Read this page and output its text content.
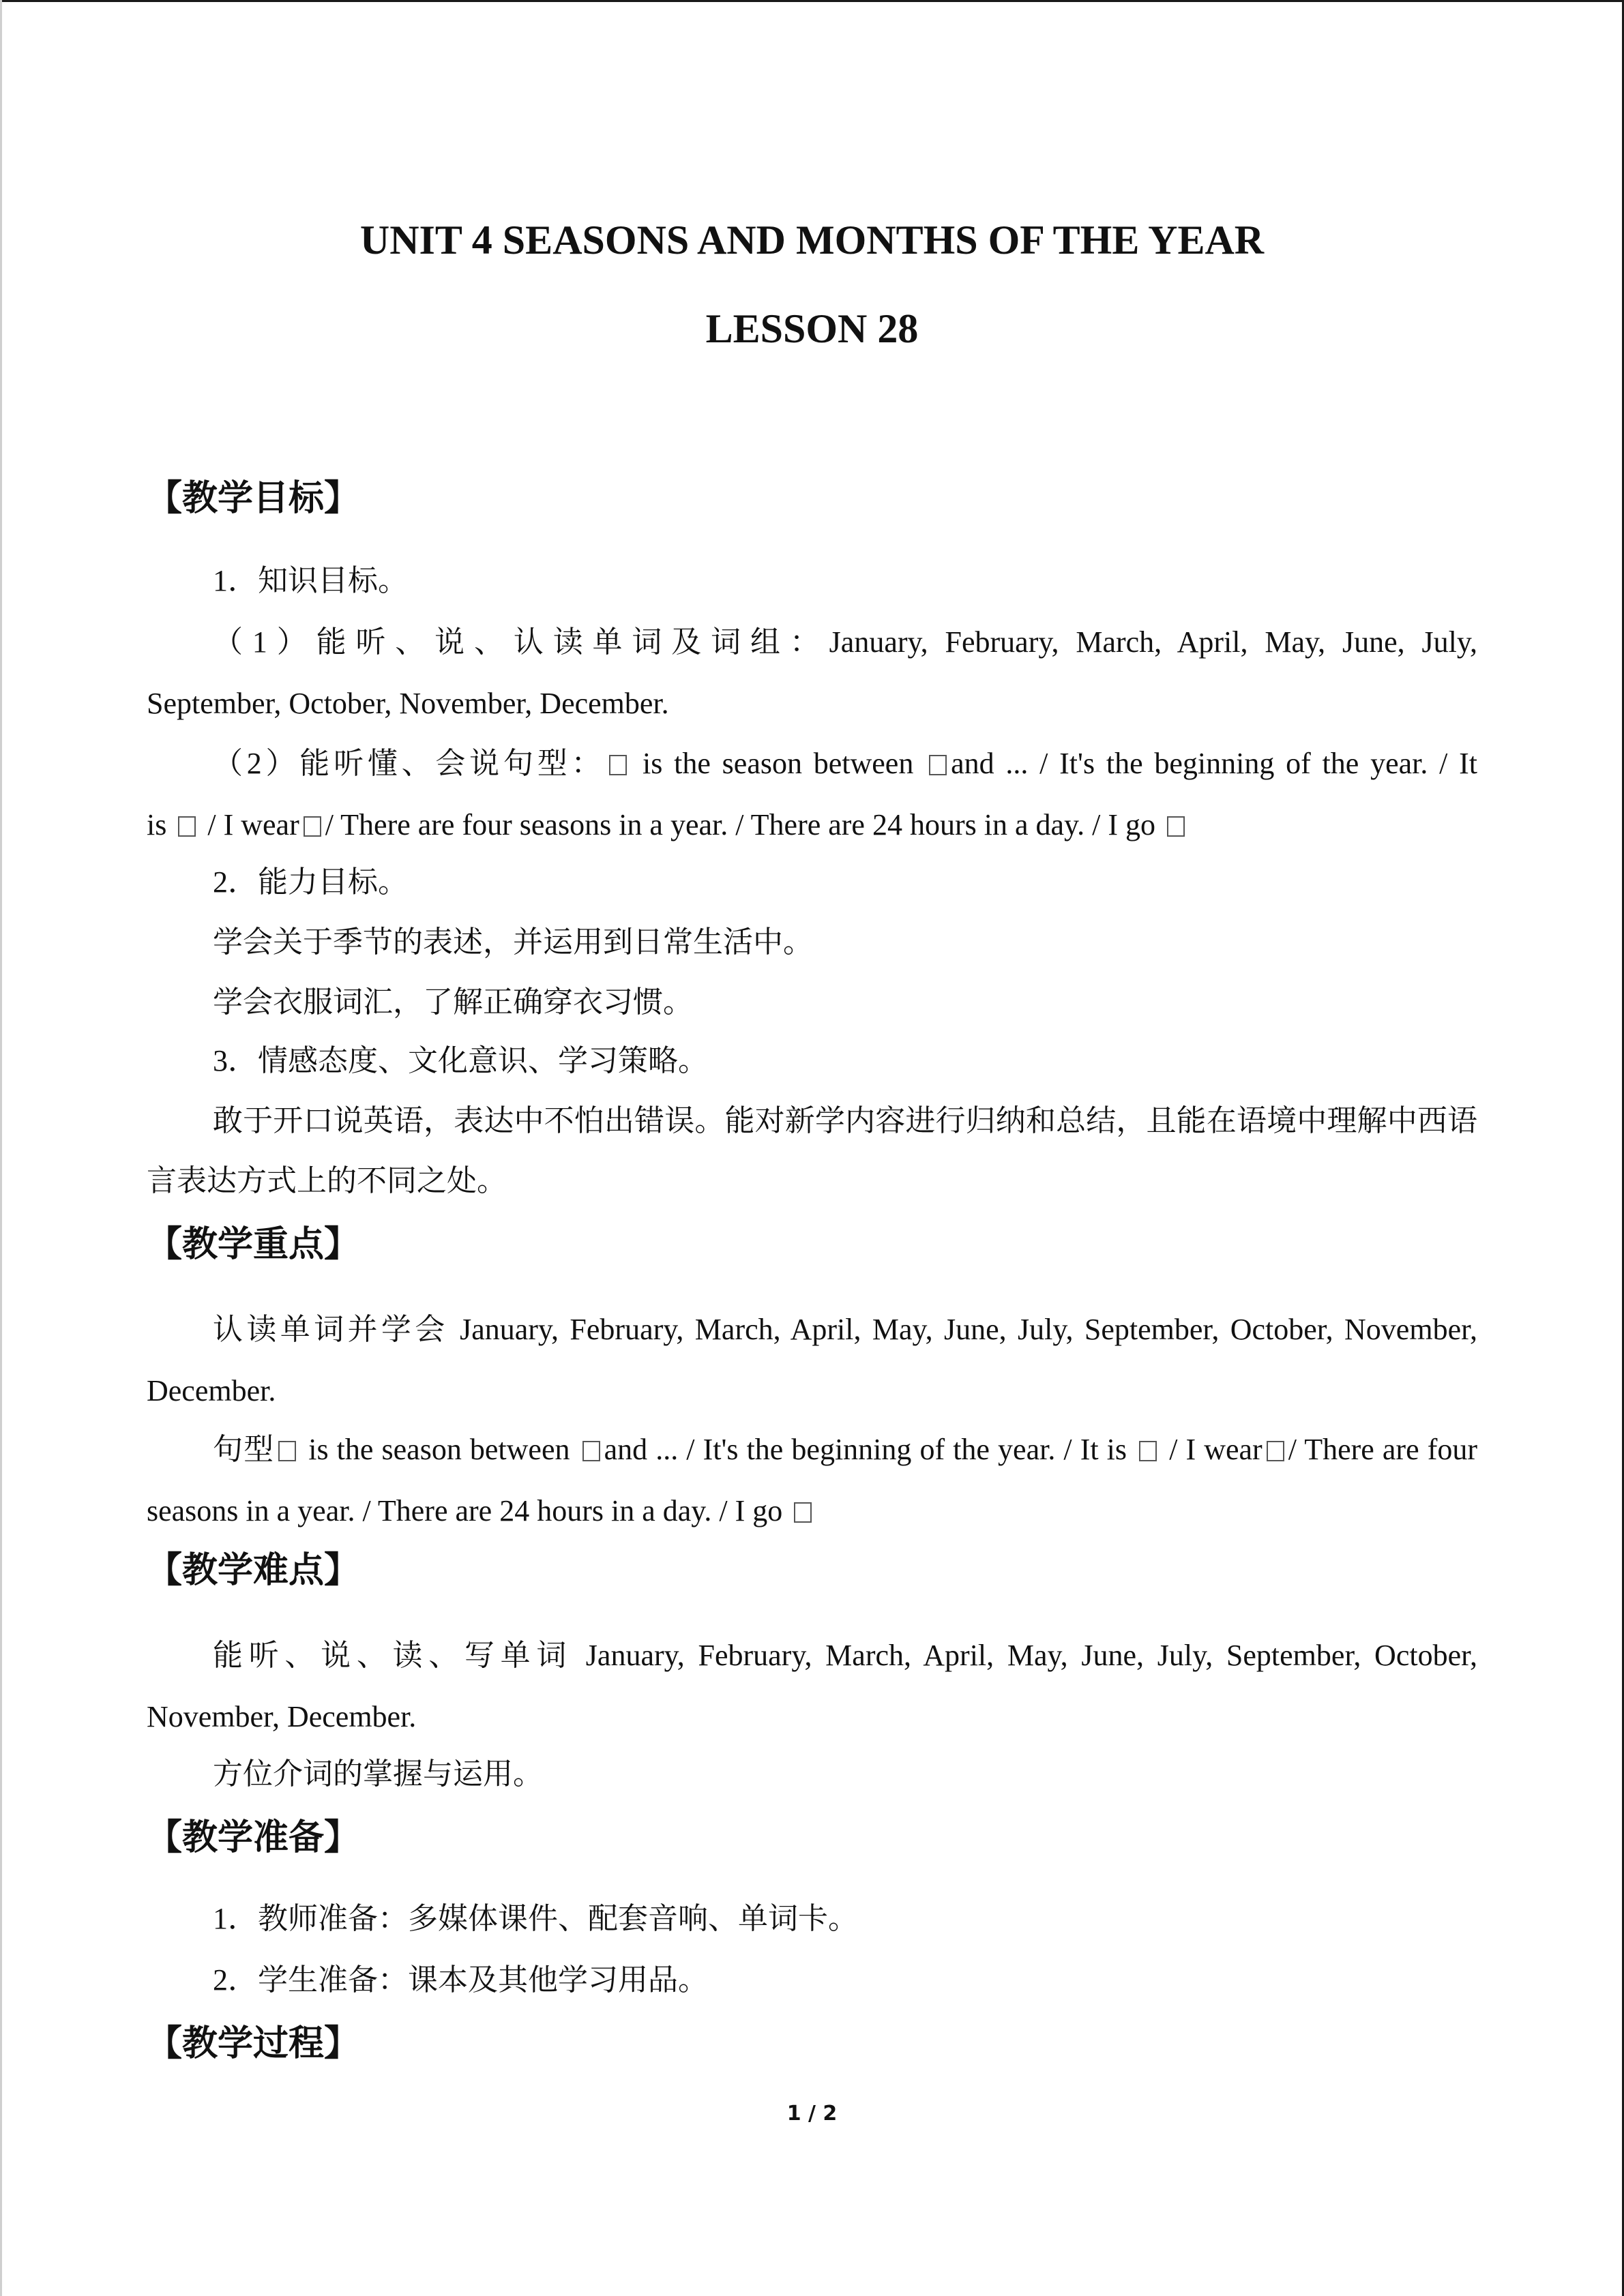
UNIT 4 SEASONS AND MONTHS OF THE YEAR
LESSON 28
【教学目标】
1．知识目标。
（1）能听、说、认读单词及词组：January, February, March, April, May, June, July,
September, October, November, December.
（2）能听懂、会说句型： is the season between and ... / It's the beginning of the year. / It
is  / I wear / There are four seasons in a year. / There are 24 hours in a day. / I go
2．能力目标。
学会关于季节的表述，并运用到日常生活中。
学会衣服词汇，了解正确穿衣习惯。
3．情感态度、文化意识、学习策略。
敢于开口说英语，表达中不怕出错误。能对新学内容进行归纳和总结，且能在语境中理解中西语言表达方式上的不同之处。
【教学重点】
认读单词并学会 January, February, March, April, May, June, July, September, October, November, December.
句型 is the season between and ... / It's the beginning of the year. / It is  / I wear / There are four seasons in a year. / There are 24 hours in a day. / I go
【教学难点】
能听、说、读、写单词 January, February, March, April, May, June, July, September, October, November, December.
方位介词的掌握与运用。
【教学准备】
1．教师准备：多媒体课件、配套音响、单词卡。
2．学生准备：课本及其他学习用品。
【教学过程】
1 / 2
